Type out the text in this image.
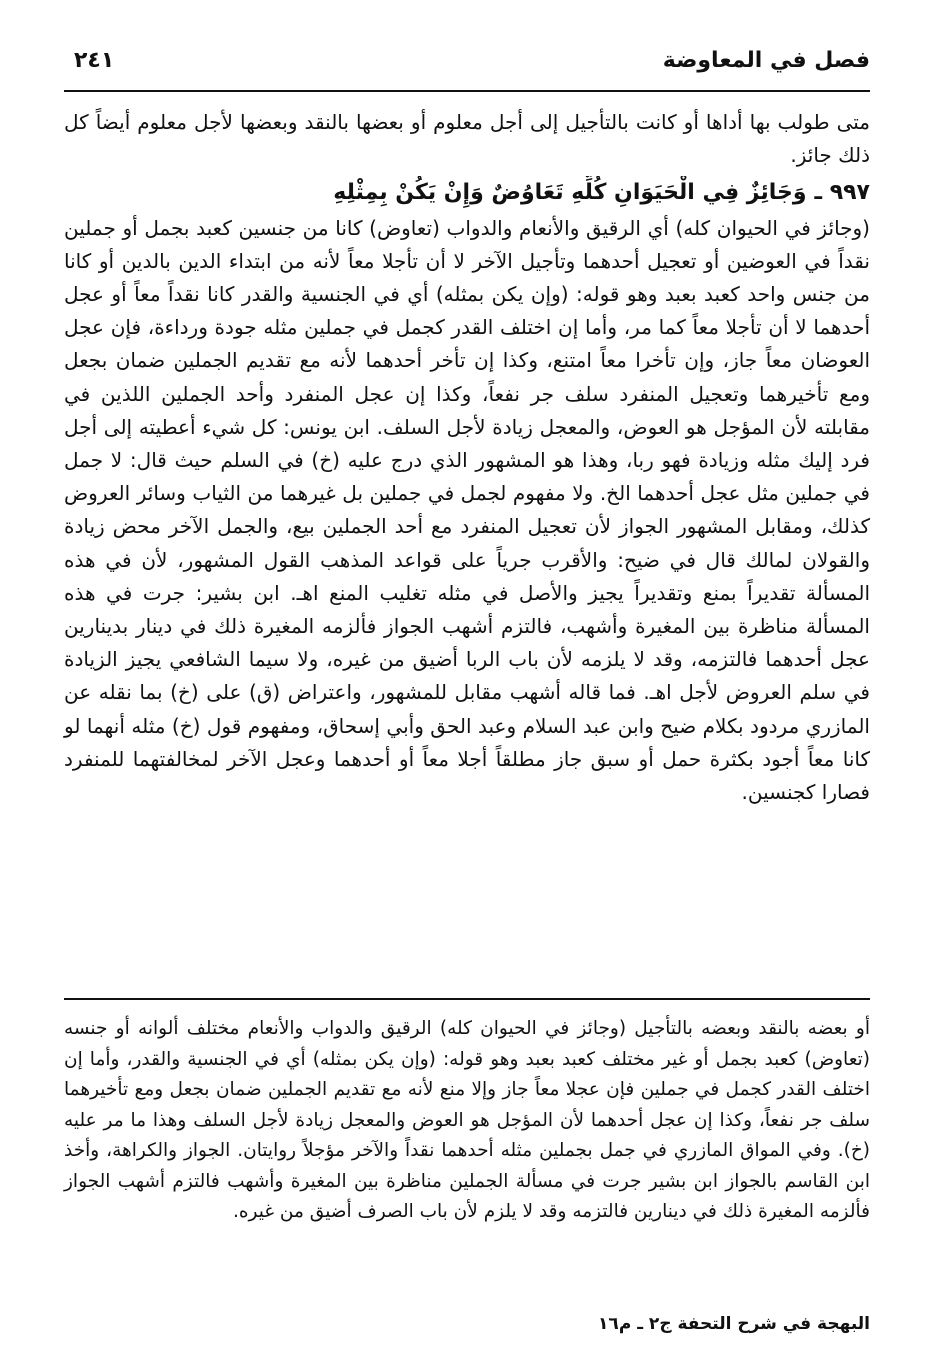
فصل في المعاوضة
٢٤١

متى طولب بها أداها أو كانت بالتأجيل إلى أجل معلوم أو بعضها بالنقد وبعضها لأجل معلوم أيضاً كل ذلك جائز.

٩٩٧ ـوَجَائِزٌ فِي الْحَيَوَانِ كُلِّهِ تَعَاوُضٌ وَإِنْ يَكُنْ بِمِثْلِهِ

(وجائز في الحيوان كله) أي الرقيق والأنعام والدواب (تعاوض) كانا من جنسين كعبد بجمل أو جملين نقداً في العوضين أو تعجيل أحدهما وتأجيل الآخر لا أن تأجلا معاً لأنه من ابتداء الدين بالدين أو كانا من جنس واحد كعبد بعبد وهو قوله: (وإن يكن بمثله) أي في الجنسية والقدر كانا نقداً معاً أو عجل أحدهما لا أن تأجلا معاً كما مر، وأما إن اختلف القدر كجمل في جملين مثله جودة ورداءة، فإن عجل العوضان معاً جاز، وإن تأخرا معاً امتنع، وكذا إن تأخر أحدهما لأنه مع تقديم الجملين ضمان بجعل ومع تأخيرهما وتعجيل المنفرد سلف جر نفعاً، وكذا إن عجل المنفرد وأحد الجملين اللذين في مقابلته لأن المؤجل هو العوض، والمعجل زيادة لأجل السلف. ابن يونس: كل شيء أعطيته إلى أجل فرد إليك مثله وزيادة فهو ربا، وهذا هو المشهور الذي درج عليه (خ) في السلم حيث قال: لا جمل في جملين مثل عجل أحدهما الخ. ولا مفهوم لجمل في جملين بل غيرهما من الثياب وسائر العروض كذلك، ومقابل المشهور الجواز لأن تعجيل المنفرد مع أحد الجملين بيع، والجمل الآخر محض زيادة والقولان لمالك قال في ضيح: والأقرب جرياً على قواعد المذهب القول المشهور، لأن في هذه المسألة تقديراً بمنع وتقديراً يجيز والأصل في مثله تغليب المنع اهـ. ابن بشير: جرت في هذه المسألة مناظرة بين المغيرة وأشهب، فالتزم أشهب الجواز فألزمه المغيرة ذلك في دينار بدينارين عجل أحدهما فالتزمه، وقد لا يلزمه لأن باب الربا أضيق من غيره، ولا سيما الشافعي يجيز الزيادة في سلم العروض لأجل اهـ. فما قاله أشهب مقابل للمشهور، واعتراض (ق) على (خ) بما نقله عن المازري مردود بكلام ضيح وابن عبد السلام وعبد الحق وأبي إسحاق، ومفهوم قول (خ) مثله أنهما لو كانا معاً أجود بكثرة حمل أو سبق جاز مطلقاً أجلا معاً أو أحدهما وعجل الآخر لمخالفتهما للمنفرد فصارا كجنسين.

أو بعضه بالنقد وبعضه بالتأجيل (وجائز في الحيوان كله) الرقيق والدواب والأنعام مختلف ألوانه أو جنسه (تعاوض) كعبد بجمل أو غير مختلف كعبد بعبد وهو قوله: (وإن يكن بمثله) أي في الجنسية والقدر، وأما إن اختلف القدر كجمل في جملين فإن عجلا معاً جاز وإلا منع لأنه مع تقديم الجملين ضمان بجعل ومع تأخيرهما سلف جر نفعاً، وكذا إن عجل أحدهما لأن المؤجل هو العوض والمعجل زيادة لأجل السلف وهذا ما مر عليه (خ). وفي المواق المازري في جمل بجملين مثله أحدهما نقداً والآخر مؤجلاً روايتان. الجواز والكراهة، وأخذ ابن القاسم بالجواز ابن بشير جرت في مسألة الجملين مناظرة بين المغيرة وأشهب فالتزم أشهب الجواز فألزمه المغيرة ذلك في دينارين فالتزمه وقد لا يلزم لأن باب الصرف أضيق من غيره.

البهجة في شرح التحفة ج٢ ـ م١٦
